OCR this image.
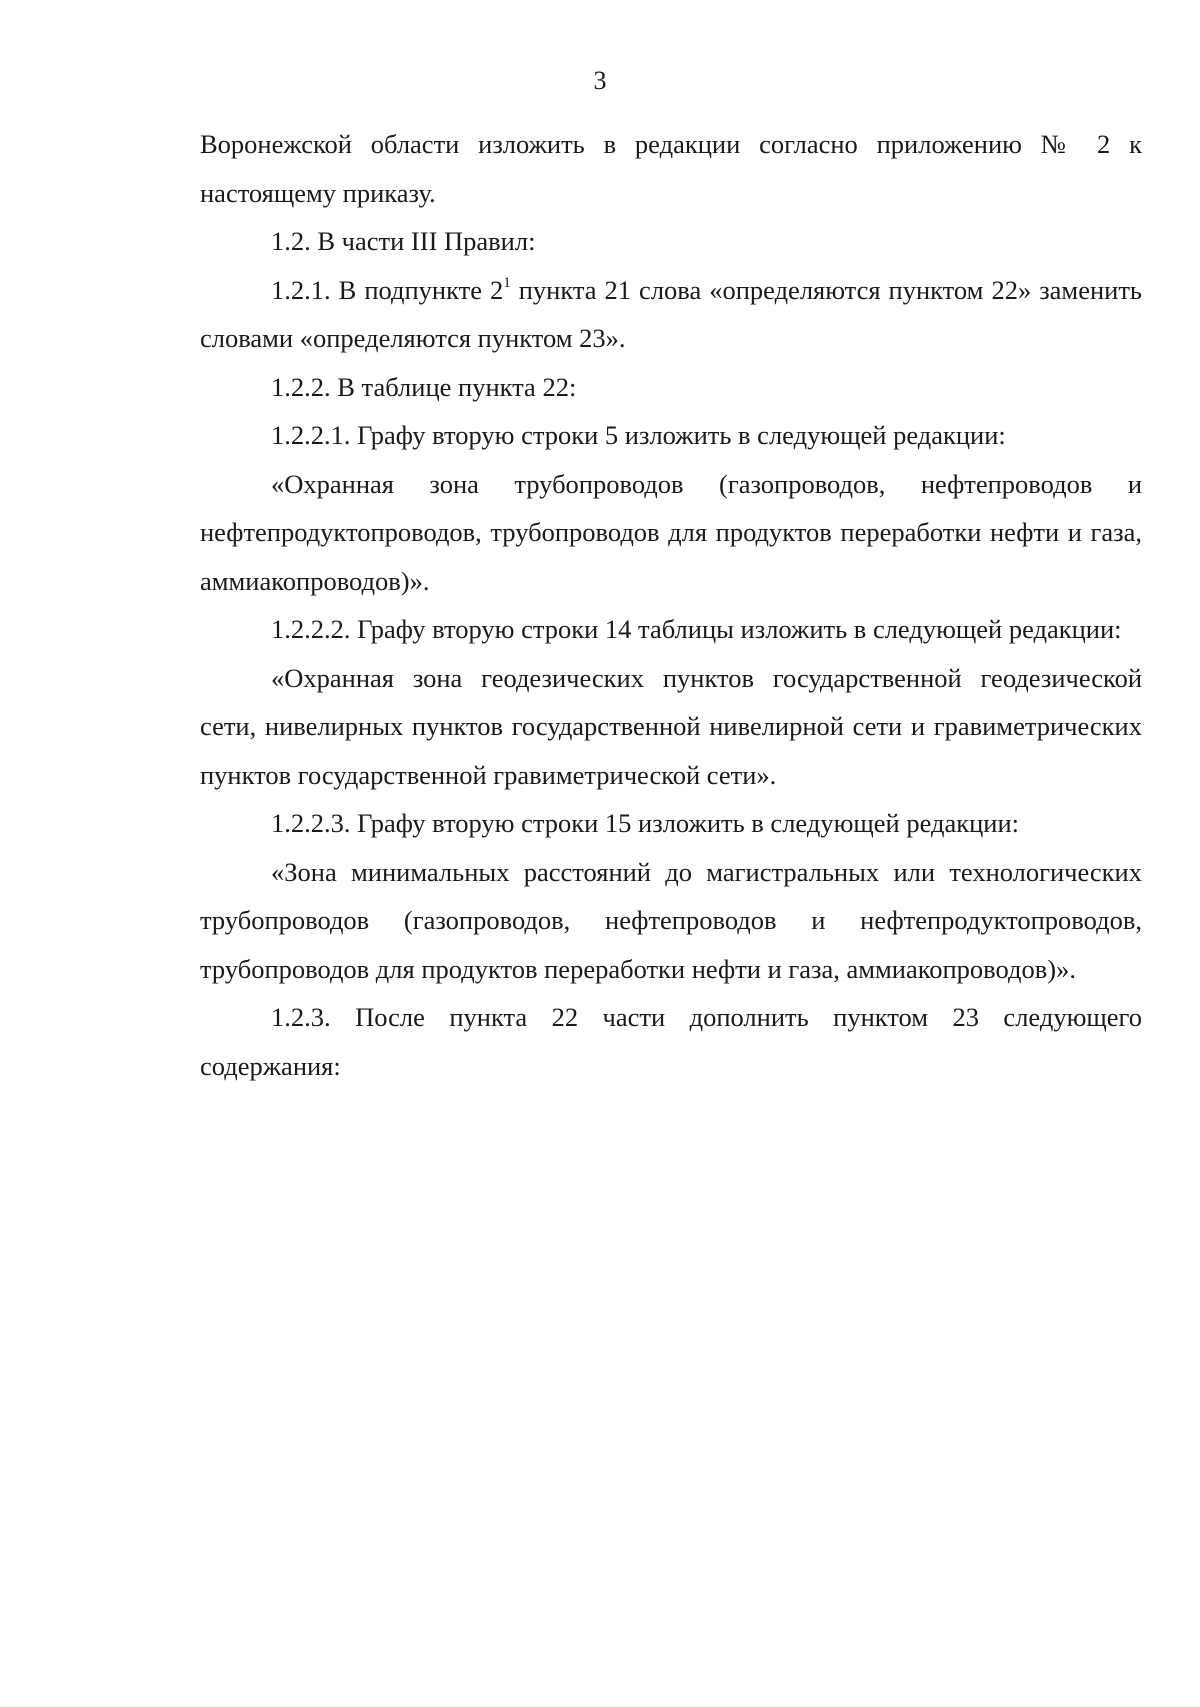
3

Воронежской области изложить в редакции согласно приложению № 2 к настоящему приказу.

1.2. В части III Правил:

1.2.1. В подпункте $2^1$ пункта 21 слова «определяются пунктом 22» заменить словами «определяются пунктом 23».

1.2.2. В таблице пункта 22:

1.2.2.1. Графу вторую строки 5 изложить в следующей редакции:

«Охранная зона трубопроводов (газопроводов, нефтепроводов и нефтепродуктопроводов, трубопроводов для продуктов переработки нефти и газа, аммиакопроводов)».

1.2.2.2. Графу вторую строки 14 таблицы изложить в следующей редакции:

«Охранная зона геодезических пунктов государственной геодезической сети, нивелирных пунктов государственной нивелирной сети и гравиметрических пунктов государственной гравиметрической сети».

1.2.2.3. Графу вторую строки 15 изложить в следующей редакции:

«Зона минимальных расстояний до магистральных или технологических трубопроводов (газопроводов, нефтепроводов и нефтепродуктопроводов, трубопроводов для продуктов переработки нефти и газа, аммиакопроводов)».

1.2.3. После пункта 22 части дополнить пунктом 23 следующего содержания:
